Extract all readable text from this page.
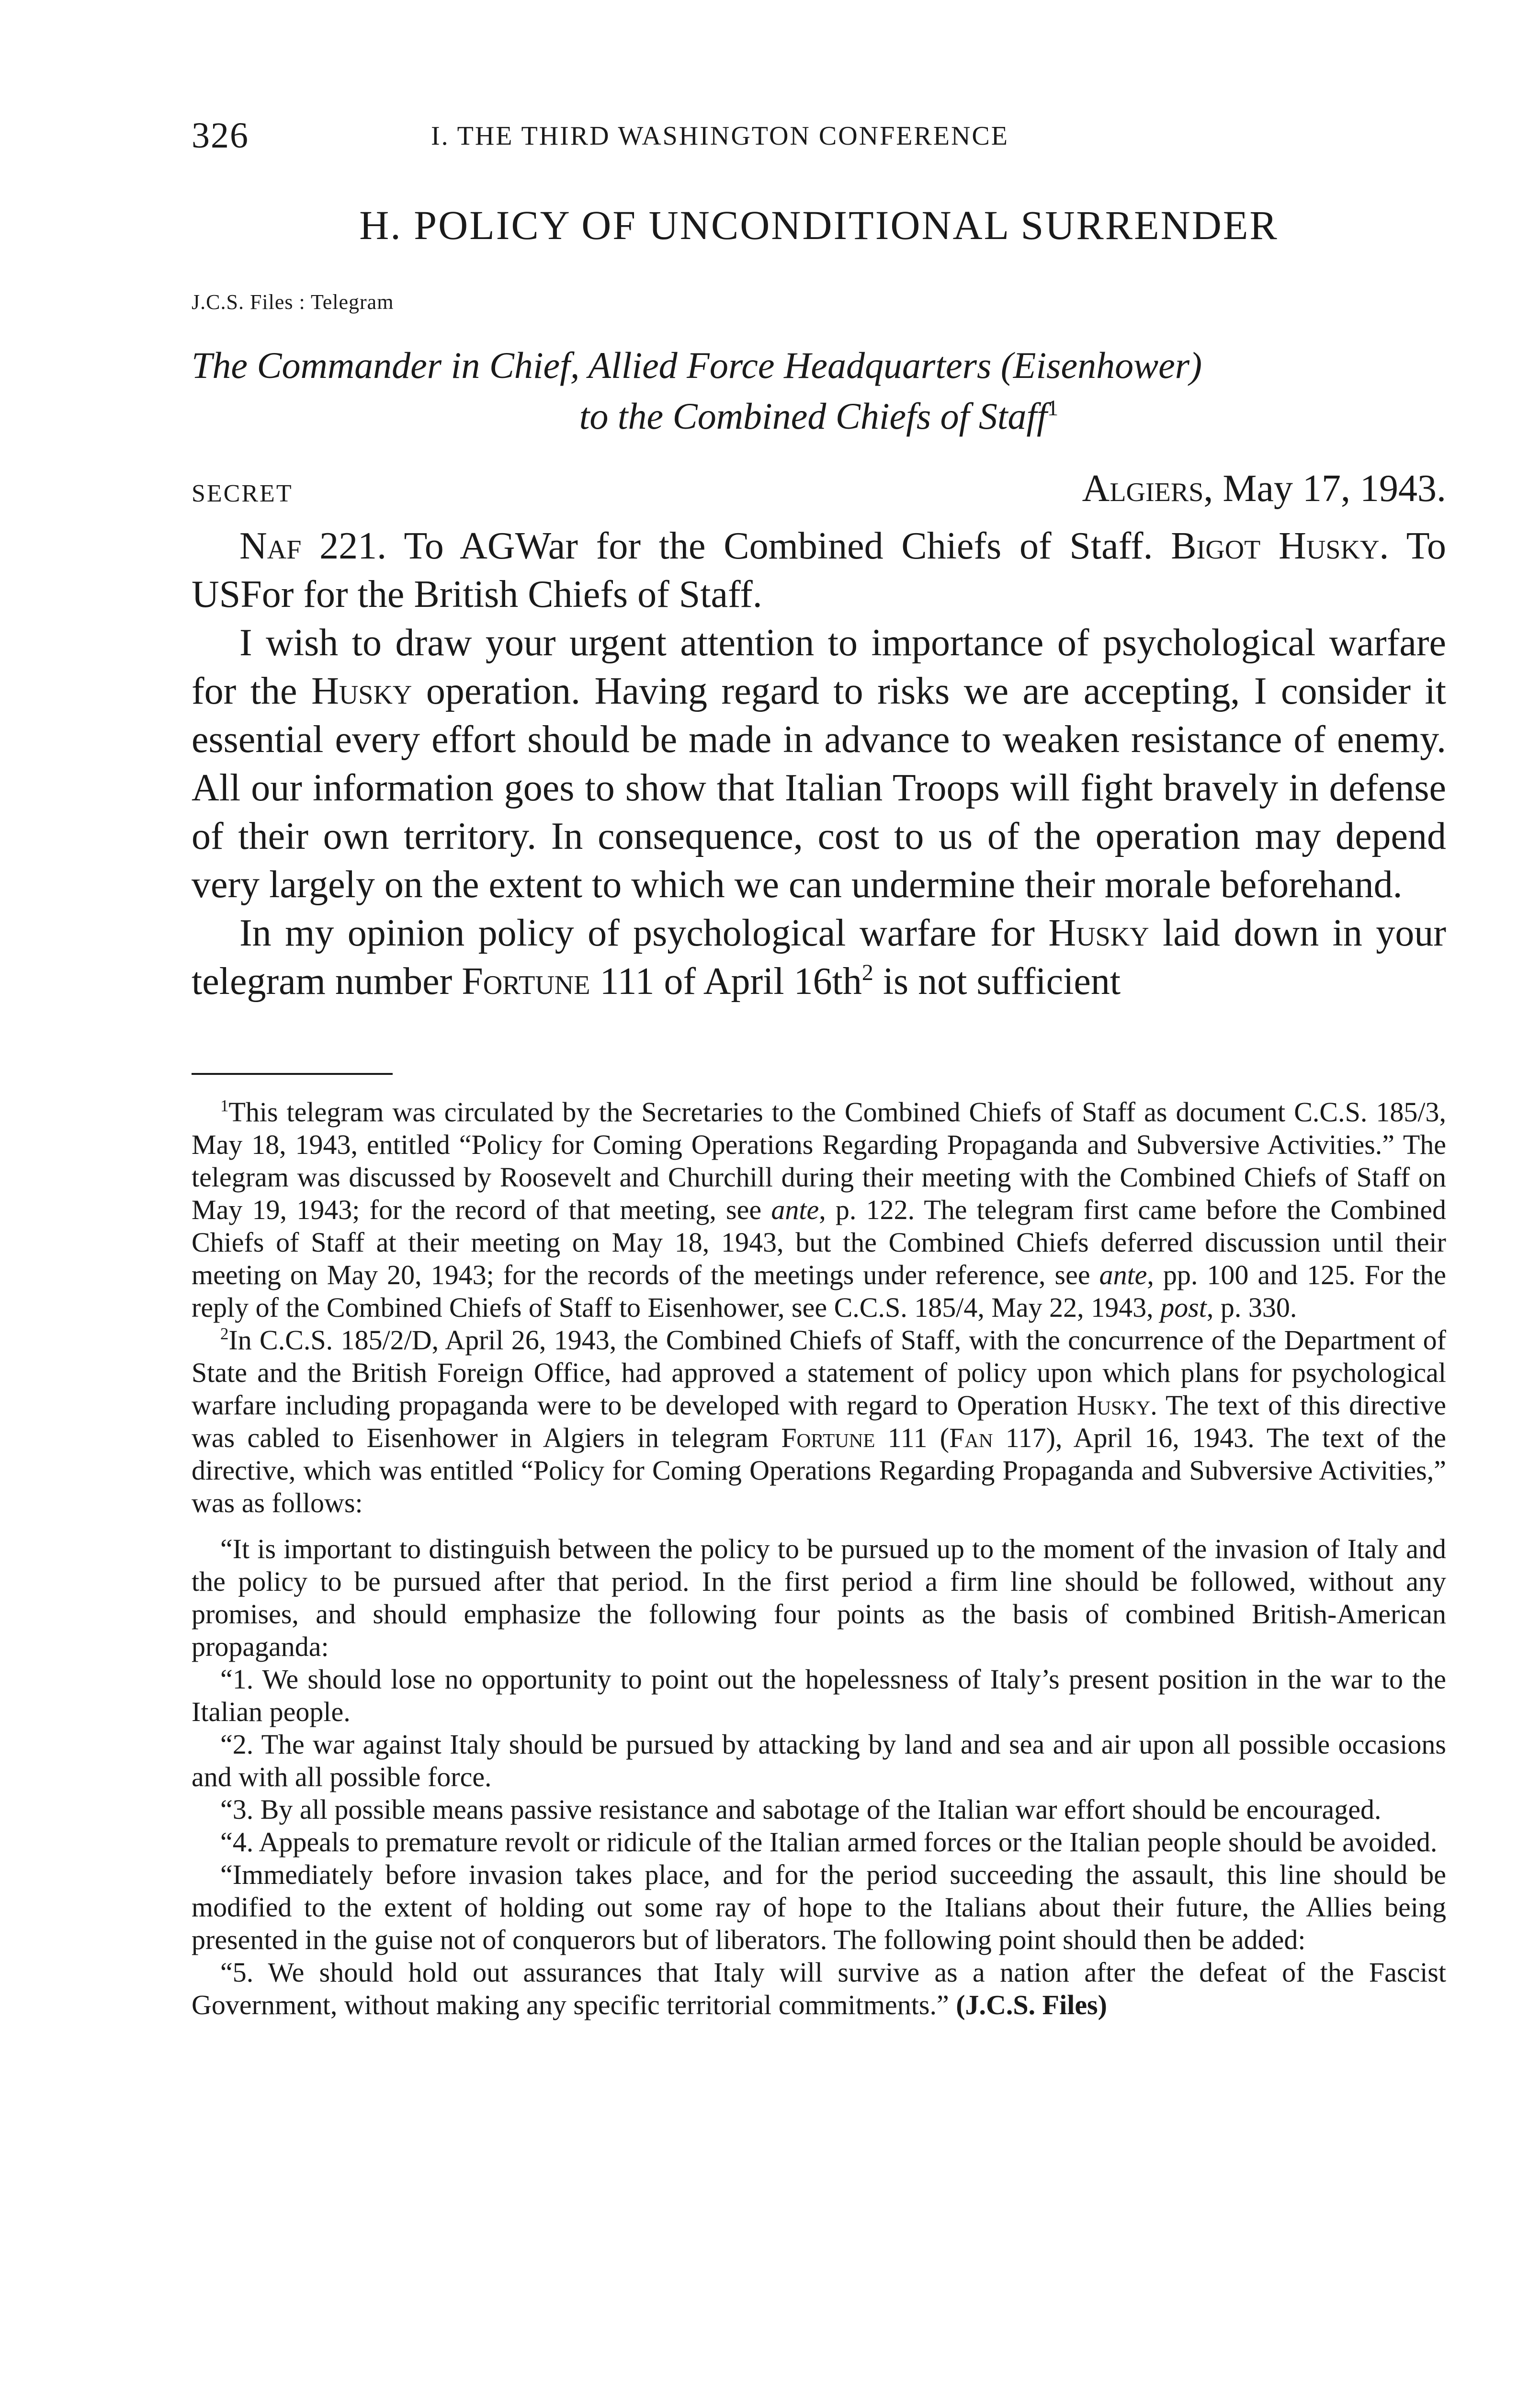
326	I. THE THIRD WASHINGTON CONFERENCE
H. POLICY OF UNCONDITIONAL SURRENDER
J.C.S. Files : Telegram
The Commander in Chief, Allied Force Headquarters (Eisenhower)
to the Combined Chiefs of Staff$^1$
SECRET	Algiers, May 17, 1943.

Naf 221. To AGWar for the Combined Chiefs of Staff. Bigot Husky. To USFor for the British Chiefs of Staff.

I wish to draw your urgent attention to importance of psychological warfare for the Husky operation. Having regard to risks we are accepting, I consider it essential every effort should be made in advance to weaken resistance of enemy. All our information goes to show that Italian Troops will fight bravely in defense of their own territory. In consequence, cost to us of the operation may depend very largely on the extent to which we can undermine their morale beforehand.

In my opinion policy of psychological warfare for Husky laid down in your telegram number Fortune 111 of April $16th^2$ is not sufficient

$^1$This telegram was circulated by the Secretaries to the Combined Chiefs of Staff as document C.C.S. 185/3, May 18, 1943, entitled “Policy for Coming Operations Regarding Propaganda and Subversive Activities.” The telegram was discussed by Roosevelt and Churchill during their meeting with the Combined Chiefs of Staff on May 19, 1943; for the record of that meeting, see ante, p. 122. The telegram first came before the Combined Chiefs of Staff at their meeting on May 18, 1943, but the Combined Chiefs deferred discussion until their meeting on May 20, 1943; for the records of the meetings under reference, see ante, pp. 100 and 125. For the reply of the Combined Chiefs of Staff to Eisenhower, see C.C.S. 185/4, May 22, 1943, post, p. 330.

$^2$In C.C.S. 185/2/D, April 26, 1943, the Combined Chiefs of Staff, with the concurrence of the Department of State and the British Foreign Office, had approved a statement of policy upon which plans for psychological warfare including propaganda were to be developed with regard to Operation Husky. The text of this directive was cabled to Eisenhower in Algiers in telegram Fortune 111 (Fan 117), April 16, 1943. The text of the directive, which was entitled “Policy for Coming Operations Regarding Propaganda and Subversive Activities,” was as follows:

“It is important to distinguish between the policy to be pursued up to the moment of the invasion of Italy and the policy to be pursued after that period. In the first period a firm line should be followed, without any promises, and should emphasize the following four points as the basis of combined British-American propaganda:

“1. We should lose no opportunity to point out the hopelessness of Italy’s present position in the war to the Italian people.

“2. The war against Italy should be pursued by attacking by land and sea and air upon all possible occasions and with all possible force.

“3. By all possible means passive resistance and sabotage of the Italian war effort should be encouraged.

“4. Appeals to premature revolt or ridicule of the Italian armed forces or the Italian people should be avoided.

“Immediately before invasion takes place, and for the period succeeding the assault, this line should be modified to the extent of holding out some ray of hope to the Italians about their future, the Allies being presented in the guise not of conquerors but of liberators. The following point should then be added:

“5. We should hold out assurances that Italy will survive as a nation after the defeat of the Fascist Government, without making any specific territorial commitments.” (J.C.S. Files)
